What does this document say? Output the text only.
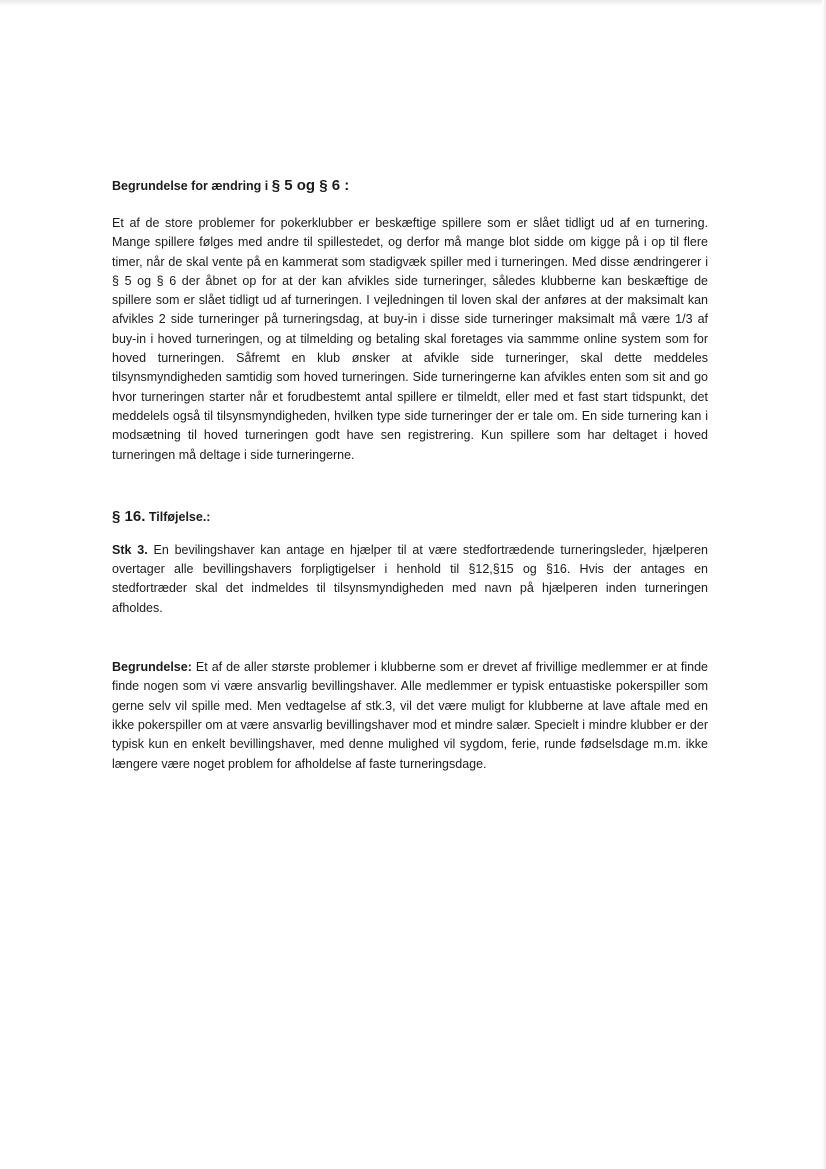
Begrundelse for ændring i § 5 og § 6 :

Et af de store problemer for pokerklubber er beskæftige spillere som er slået tidligt ud af en turnering. Mange spillere følges med andre til spillestedet, og derfor må mange blot sidde om kigge på i op til flere timer, når de skal vente på en kammerat som stadigvæk spiller med i turneringen. Med disse ændringerer i § 5 og § 6 der åbnet op for at der kan afvikles side turneringer, således klubberne kan beskæftige de spillere som er slået tidligt ud af turneringen. I vejledningen til loven skal der anføres at der maksimalt kan afvikles 2 side turneringer på turneringsdag, at buy-in i disse side turneringer maksimalt må være 1/3 af buy-in i hoved turneringen, og at tilmelding og betaling skal foretages via sammme online system som for hoved turneringen. Såfremt en klub ønsker at afvikle side turneringer, skal dette meddeles tilsynsmyndigheden samtidig som hoved turneringen. Side turneringerne kan afvikles enten som sit and go hvor turneringen starter når et forudbestemt antal spillere er tilmeldt, eller med et fast start tidspunkt, det meddelels også til tilsynsmyndigheden, hvilken type side turneringer der er tale om. En side turnering kan i modsætning til hoved turneringen godt have sen registrering. Kun spillere som har deltaget i hoved turneringen må deltage i side turneringerne.

§ 16. Tilføjelse.:

Stk 3. En bevilingshaver kan antage en hjælper til at være stedfortrædende turneringsleder, hjælperen overtager alle bevillingshavers forpligtigelser i henhold til §12,§15 og §16. Hvis der antages en stedfortræder skal det indmeldes til tilsynsmyndigheden med navn på hjælperen inden turneringen afholdes.

Begrundelse: Et af de aller største problemer i klubberne som er drevet af frivillige medlemmer er at finde finde nogen som vi være ansvarlig bevillingshaver. Alle medlemmer er typisk entuastiske pokerspiller som gerne selv vil spille med. Men vedtagelse af stk.3, vil det være muligt for klubberne at lave aftale med en ikke pokerspiller om at være ansvarlig bevillingshaver mod et mindre salær. Specielt i mindre klubber er der typisk kun en enkelt bevillingshaver, med denne mulighed vil sygdom, ferie, runde fødselsdage m.m. ikke længere være noget problem for afholdelse af faste turneringsdage.
